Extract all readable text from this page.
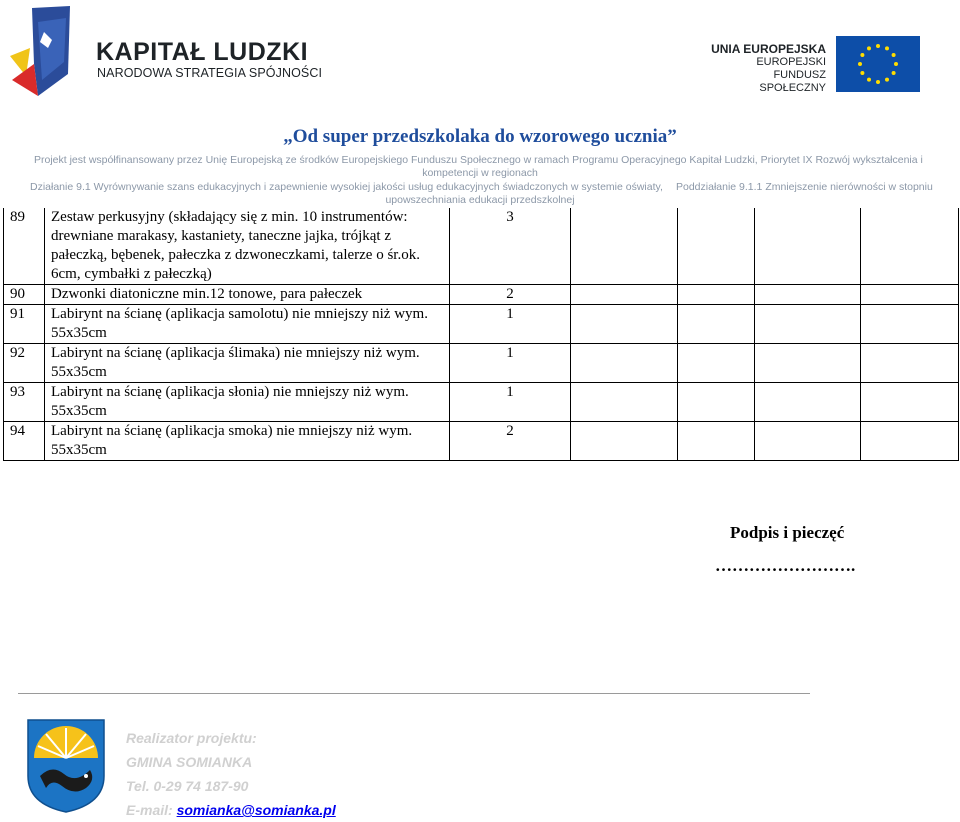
KAPITAŁ LUDZKI
NARODOWA STRATEGIA SPÓJNOŚCI
UNIA EUROPEJSKA
EUROPEJSKI
FUNDUSZ SPOŁECZNY
„Od super przedszkolaka do wzorowego ucznia”
Projekt jest współfinansowany przez Unię Europejską ze środków Europejskiego Funduszu Społecznego w ramach Programu Operacyjnego Kapitał Ludzki, Priorytet IX Rozwój wykształcenia i
kompetencji w regionach
Działanie 9.1 Wyrównywanie szans edukacyjnych i zapewnienie wysokiej jakości usług edukacyjnych świadczonych w systemie oświaty, Poddziałanie 9.1.1 Zmniejszenie nierówności w stopniu
upowszechniania edukacji przedszkolnej
89	Zestaw perkusyjny (składający się z min. 10 instrumentów: drewniane marakasy, kastaniety, taneczne jajka, trójkąt z pałeczką, bębenek, pałeczka z dzwoneczkami, talerze o śr.ok. 6cm, cymbałki z pałeczką)	3				
90	Dzwonki diatoniczne min.12 tonowe, para pałeczek	2				
91	Labirynt na ścianę (aplikacja samolotu) nie mniejszy niż wym. 55x35cm	1				
92	Labirynt na ścianę (aplikacja ślimaka) nie mniejszy niż wym. 55x35cm	1				
93	Labirynt na ścianę (aplikacja słonia) nie mniejszy niż wym. 55x35cm	1				
94	Labirynt na ścianę (aplikacja smoka) nie mniejszy niż wym. 55x35cm	2				
Podpis i pieczęć
…………………….
Realizator projektu:
GMINA SOMIANKA
Tel. 0-29 74 187-90
E-mail: somianka@somianka.pl
